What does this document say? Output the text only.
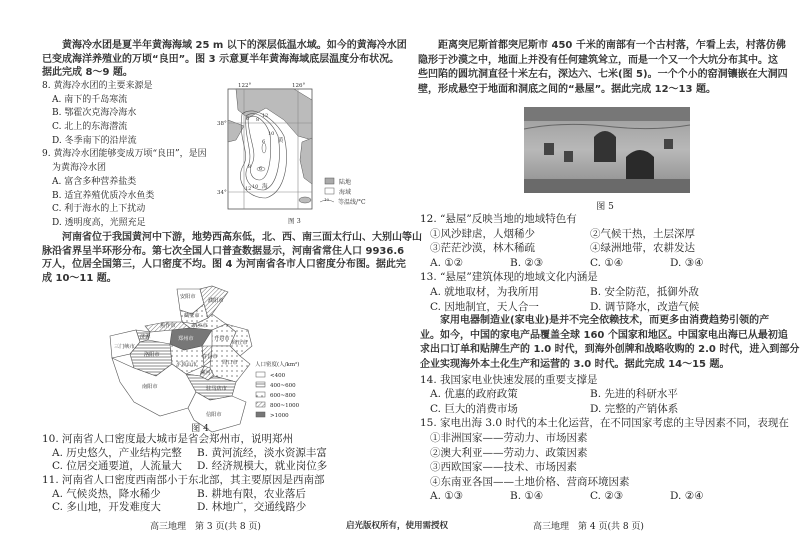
黄海冷水团是夏半年黄海海域 25 m 以下的深层低温水域。如今的黄海冷水团
已变成海洋养殖业的万顷“良田”。图 3 示意夏半年黄海海域底层温度分布状况。
据此完成 8～9 题。
8. 黄海冷水团的主要来源是
A. 南下的千岛寒流
B. 鄂霍次克海冷海水
C. 北上的东海潜流
D. 冬季南下的沿岸流
9. 黄海冷水团能够变成万顷“良田”，是因
为黄海冷水团
A. 富含多种营养盐类
B. 适宜养殖优质冷水鱼类
C. 利于海水的上下扰动
D. 透明度高，光照充足
122°	126°
38°
34°
6 8
10
12
6
6
8
10
12
黄
海
陆地
海域
10 等温线/°C
图 3
河南省位于我国黄河中下游，地势西高东低，北、西、南三面太行山、大别山等山
脉沿省界呈半环形分布。第七次全国人口普查数据显示，河南省常住人口 9936.6
万人，位居全国第三，人口密度不均。图 4 为河南省各市人口密度分布图。据此完
成 10～11 题。
安阳市
鹤壁市
濮阳市
新乡市
焦作市
济源	郑州市	开封市
商丘市
三门峡市
洛阳市
平顶山市
许昌市
漯河
周口市
南阳市	驻马店市
信阳市
人口密度(人/km²)
<400
400~600
600~800
800~1000
>1000
图 4
10. 河南省人口密度最大城市是省会郑州市，说明郑州
A. 历史悠久，产业结构完整	B. 黄河流经，淡水资源丰富
C. 位居交通要道，人流量大	D. 经济规模大，就业岗位多
11. 河南省人口密度西南部小于东北部，其主要原因是西南部
A. 气候炎热，降水稀少	B. 耕地有限，农业落后
C. 多山地，开发难度大	D. 林地广，交通线路少
高三地理　第 3 页(共 8 页)	启光版权所有，使用需授权	高三地理　第 4 页(共 8 页)
距离突尼斯首都突尼斯市 450 千米的南部有一个古村落，乍看上去，村落仿佛
隐形于沙漠之中，地面上并没有任何建筑耸立，而是一个又一个大坑分布其中。这
些凹陷的圆坑洞直径十米左右，深达六、七米(图 5)。一个个小的窑洞镶嵌在大洞四
壁，形成悬空于地面和洞底之间的“悬屋”。据此完成 12～13 题。
图 5
12. “悬屋”反映当地的地域特色有
①风沙肆虐，人烟稀少	②气候干热，土层深厚
③茫茫沙漠，林木稀疏	④绿洲地带，农耕发达
A. ①②	B. ②③	C. ①④	D. ③④
13. “悬屋”建筑体现的地域文化内涵是
A. 就地取材，为我所用	B. 安全防范，抵御外敌
C. 因地制宜，天人合一	D. 调节降水，改造气候
家用电器制造业(家电业)是并不完全依赖技术，而更多由消费趋势引领的产
业。如今，中国的家电产品覆盖全球 160 个国家和地区。中国家电出海已从最初追
求出口订单和贴牌生产的 1.0 时代，到海外创牌和战略收购的 2.0 时代，进入到部分
企业实现海外本土化生产和运营的 3.0 时代。据此完成 14～15 题。
14. 我国家电业快速发展的重要支撑是
A. 优惠的政府政策	B. 先进的科研水平
C. 巨大的消费市场	D. 完整的产销体系
15. 家电出海 3.0 时代的本土化运营，在不同国家考虑的主导因素不同，表现在
①非洲国家——劳动力、市场因素
②澳大利亚——劳动力、政策因素
③西欧国家——技术、市场因素
④东南亚各国——土地价格、营商环境因素
A. ①③	B. ①④	C. ②③	D. ②④
